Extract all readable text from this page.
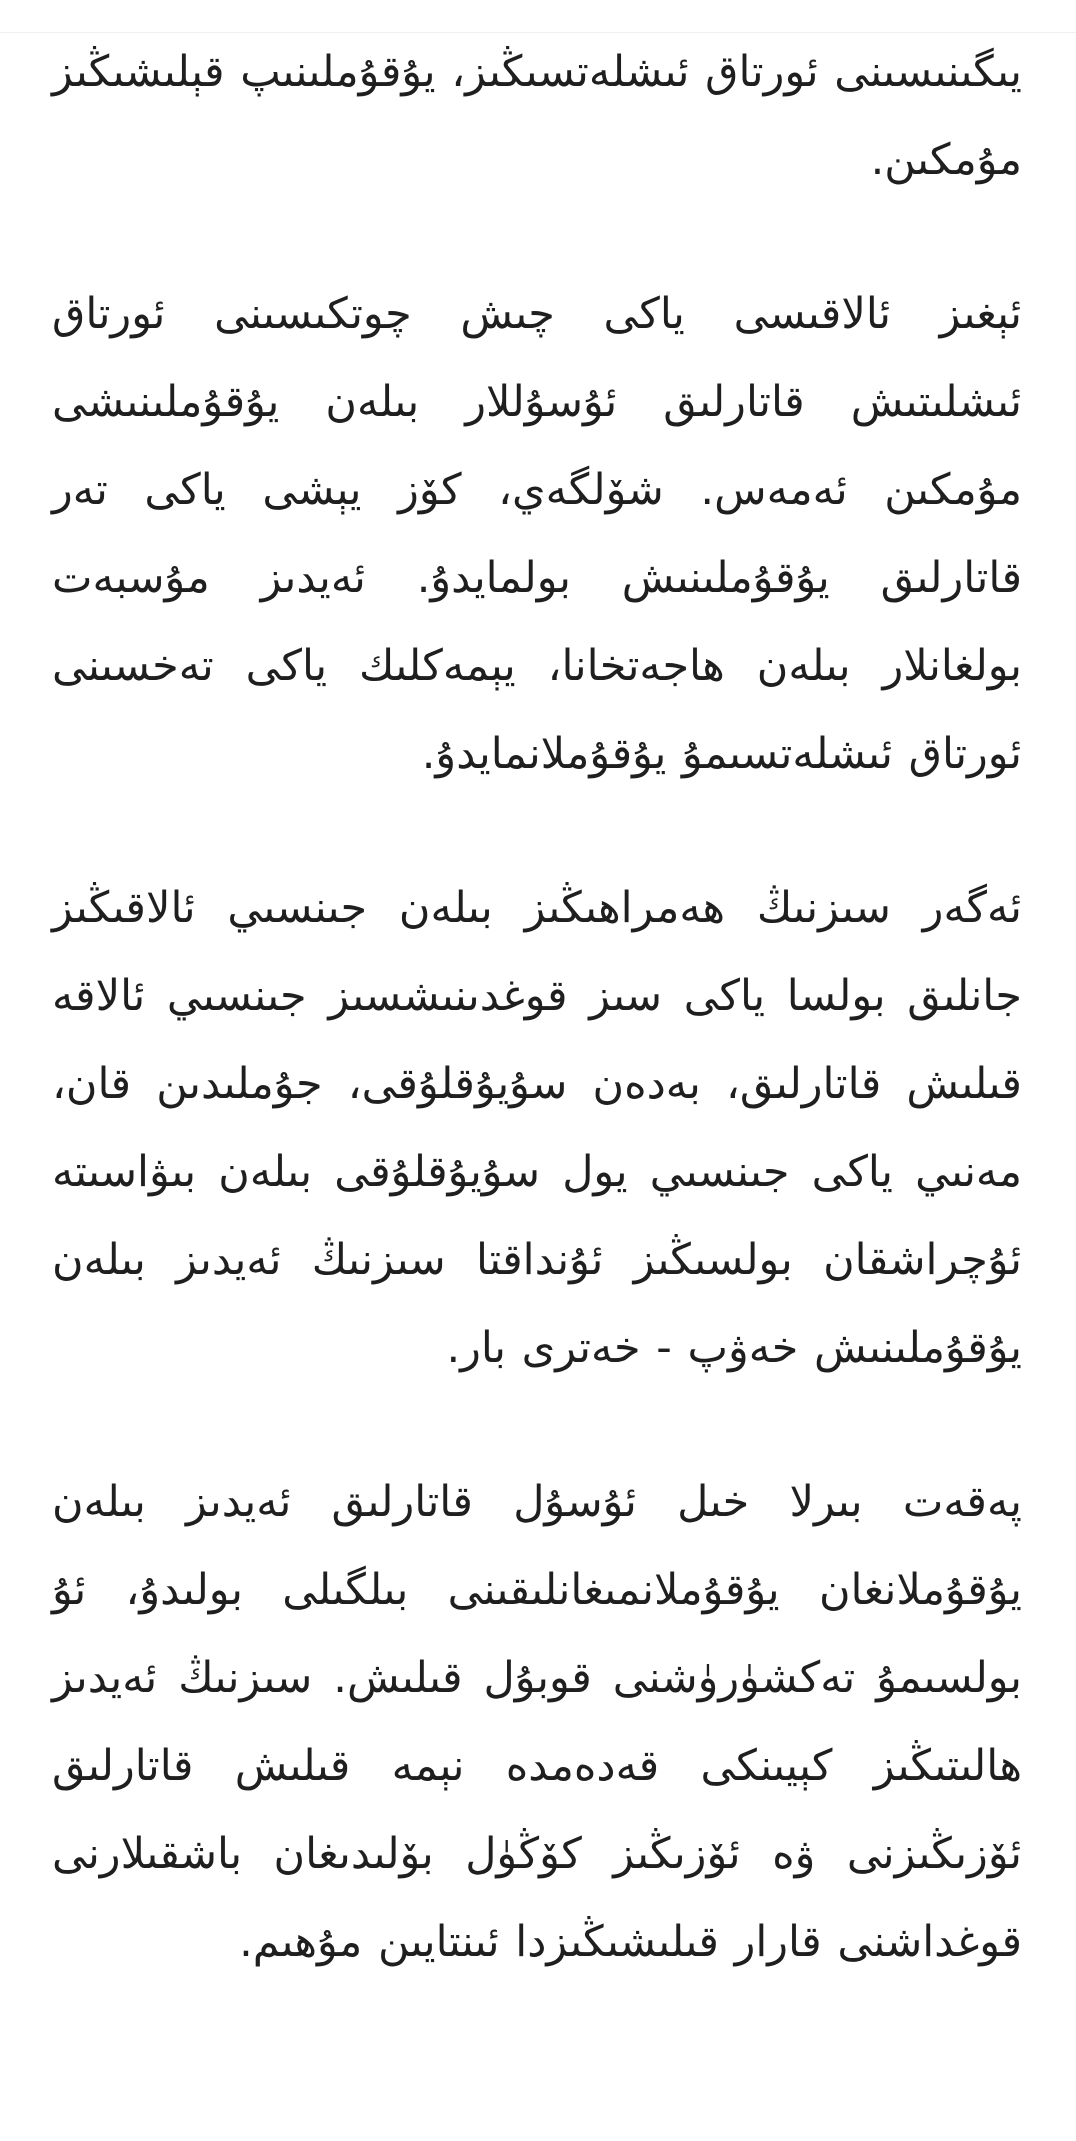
يىگىنىسىنى ئورتاق ئىشلەتسىڭىز، يۇقۇملىنىپ قېلىشىڭىز مۇمكىن.

ئېغىز ئالاقىسى ياكى چىش چوتكىسىنى ئورتاق ئىشلىتىش قاتارلىق ئۇسۇللار بىلەن يۇقۇملىنىشى مۇمكىن ئەمەس. شۆلگەي، كۆز يېشى ياكى تەر قاتارلىق يۇقۇملىنىش بولمايدۇ. ئەيدىز مۇسبەت بولغانلار بىلەن ھاجەتخانا، يېمەكلىك ياكى تەخسىنى ئورتاق ئىشلەتسىمۇ يۇقۇملانمايدۇ.

ئەگەر سىزنىڭ ھەمراھىڭىز بىلەن جىنسىي ئالاقىڭىز جانلىق بولسا ياكى سىز قوغدىنىشسىز جىنسىي ئالاقە قىلىش قاتارلىق، بەدەن سۇيۇقلۇقى، جۇملىدىن قان، مەنىي ياكى جىنسىي يول سۇيۇقلۇقى بىلەن بىۋاسىتە ئۇچراشقان بولسىڭىز ئۇنداقتا سىزنىڭ ئەيدىز بىلەن يۇقۇملىنىش خەۋپ - خەترى بار.

پەقەت بىرلا خىل ئۇسۇل قاتارلىق ئەيدىز بىلەن يۇقۇملانغان يۇقۇملانمىغانلىقىنى بىلگىلى بولىدۇ، ئۇ بولسىمۇ تەكشۈرۈشنى قوبۇل قىلىش. سىزنىڭ ئەيدىز ھالىتىڭىز كېيىنكى قەدەمدە نېمە قىلىش قاتارلىق ئۆزىڭىزنى ۋە ئۆزىڭىز كۆڭۈل بۆلىدىغان باشقىلارنى قوغداشنى قارار قىلىشىڭىزدا ئىنتايىن مۇھىم.
